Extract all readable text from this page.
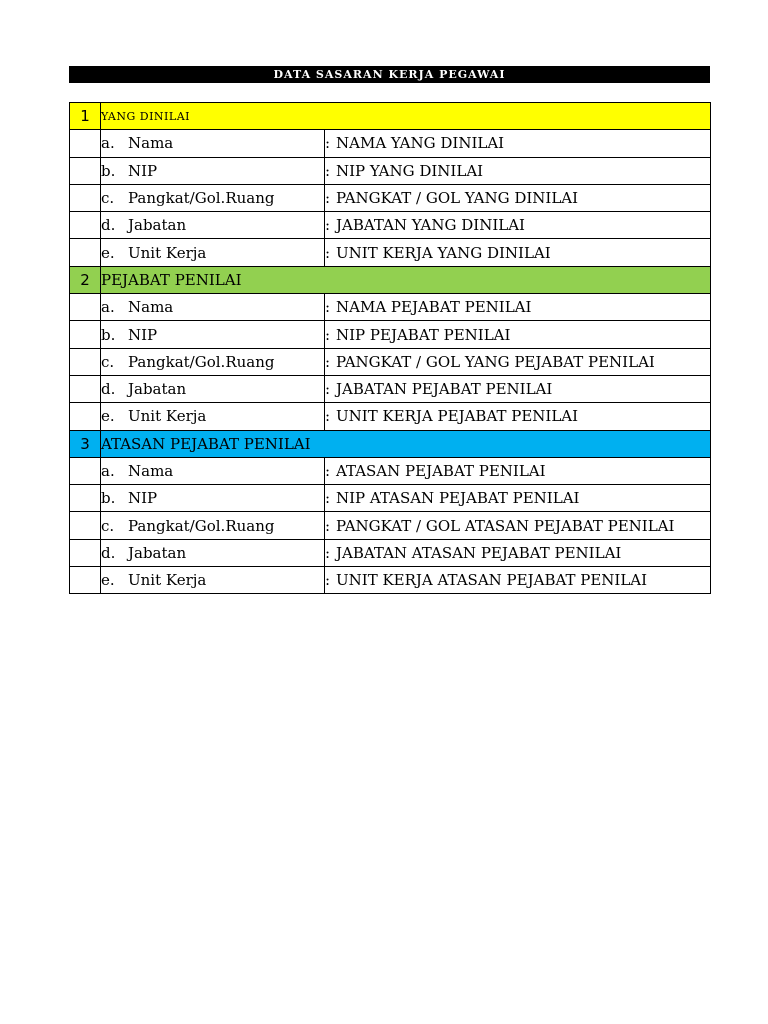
DATA SASARAN KERJA PEGAWAI
1	YANG DINILAI	
	a. Nama	: NAMA YANG DINILAI
	b. NIP	: NIP YANG DINILAI
	c. Pangkat/Gol.Ruang	: PANGKAT / GOL YANG DINILAI
	d. Jabatan	: JABATAN YANG DINILAI
	e. Unit Kerja	: UNIT KERJA YANG DINILAI
2	PEJABAT PENILAI	
	a. Nama	: NAMA PEJABAT PENILAI
	b. NIP	: NIP PEJABAT PENILAI
	c. Pangkat/Gol.Ruang	: PANGKAT / GOL YANG PEJABAT PENILAI
	d. Jabatan	: JABATAN PEJABAT PENILAI
	e. Unit Kerja	: UNIT KERJA PEJABAT PENILAI
3	ATASAN PEJABAT PENILAI	
	a. Nama	: ATASAN PEJABAT PENILAI
	b. NIP	: NIP ATASAN PEJABAT PENILAI
	c. Pangkat/Gol.Ruang	: PANGKAT / GOL ATASAN PEJABAT PENILAI
	d. Jabatan	: JABATAN ATASAN PEJABAT PENILAI
	e. Unit Kerja	: UNIT KERJA ATASAN PEJABAT PENILAI
